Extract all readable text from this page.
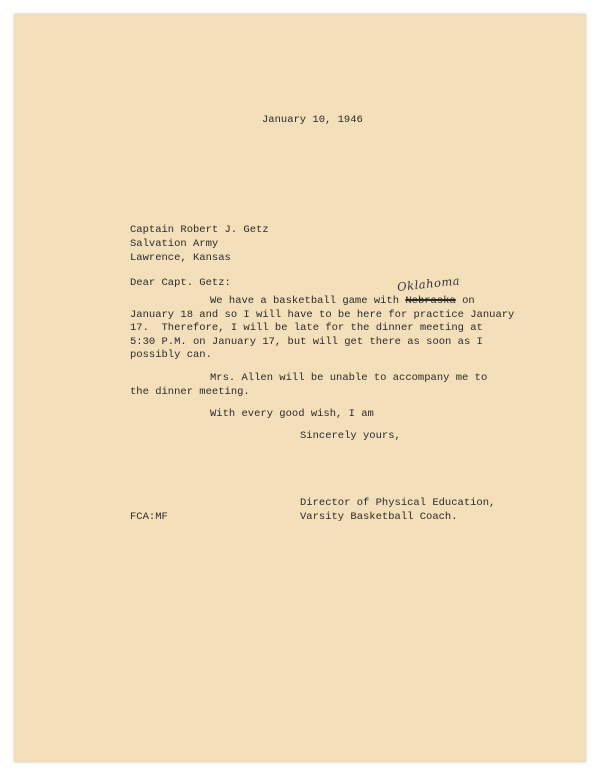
January 10, 1946
Captain Robert J. Getz
Salvation Army
Lawrence, Kansas
Dear Capt. Getz:	Oklahoma
We have a basketball game with Nebraska on
January 18 and so I will have to be here for practice January
17.  Therefore, I will be late for the dinner meeting at
5:30 P.M. on January 17, but will get there as soon as I
possibly can.
Mrs. Allen will be unable to accompany me to
the dinner meeting.
With every good wish, I am
Sincerely yours,
Director of Physical Education,
Varsity Basketball Coach.
FCA:MF
